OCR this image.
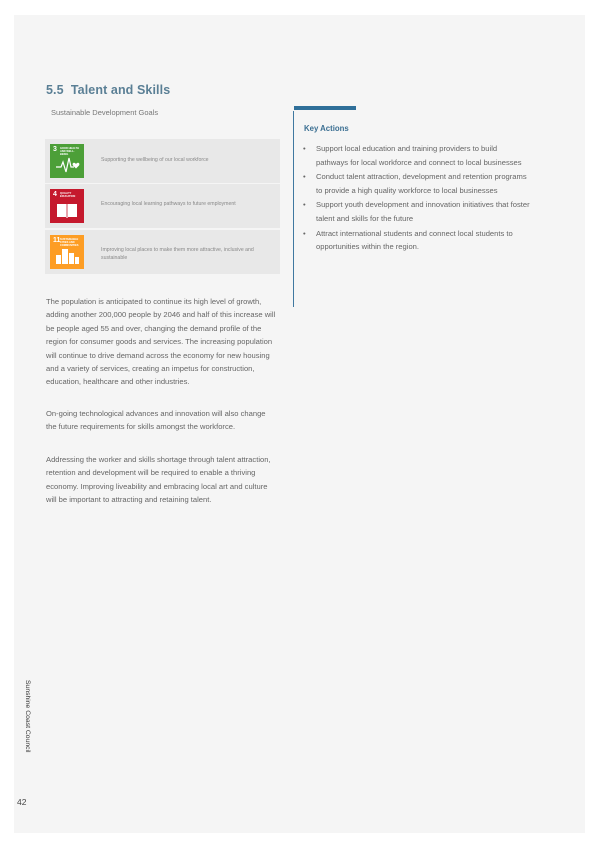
5.5 Talent and Skills
Sustainable Development Goals
3 GOOD HEALTH AND WELL-BEING
Supporting the wellbeing of our local workforce
4 QUALITY EDUCATION
Encouraging local learning pathways to future employment
11 SUSTAINABLE CITIES AND COMMUNITIES
Improving local places to make them more attractive, inclusive and sustainable

The population is anticipated to continue its high level of growth, adding another 200,000 people by 2046 and half of this increase will be people aged 55 and over, changing the demand profile of the region for consumer goods and services. The increasing population will continue to drive demand across the economy for new housing and a variety of services, creating an impetus for construction, education, healthcare and other industries.

On-going technological advances and innovation will also change the future requirements for skills amongst the workforce.

Addressing the worker and skills shortage through talent attraction, retention and development will be required to enable a thriving economy. Improving liveability and embracing local art and culture will be important to attracting and retaining talent.

Key Actions
• Support local education and training providers to build pathways for local workforce and connect to local businesses
• Conduct talent attraction, development and retention programs to provide a high quality workforce to local businesses
• Support youth development and innovation initiatives that foster talent and skills for the future
• Attract international students and connect local students to opportunities within the region.
Sunshine Coast Council
42
